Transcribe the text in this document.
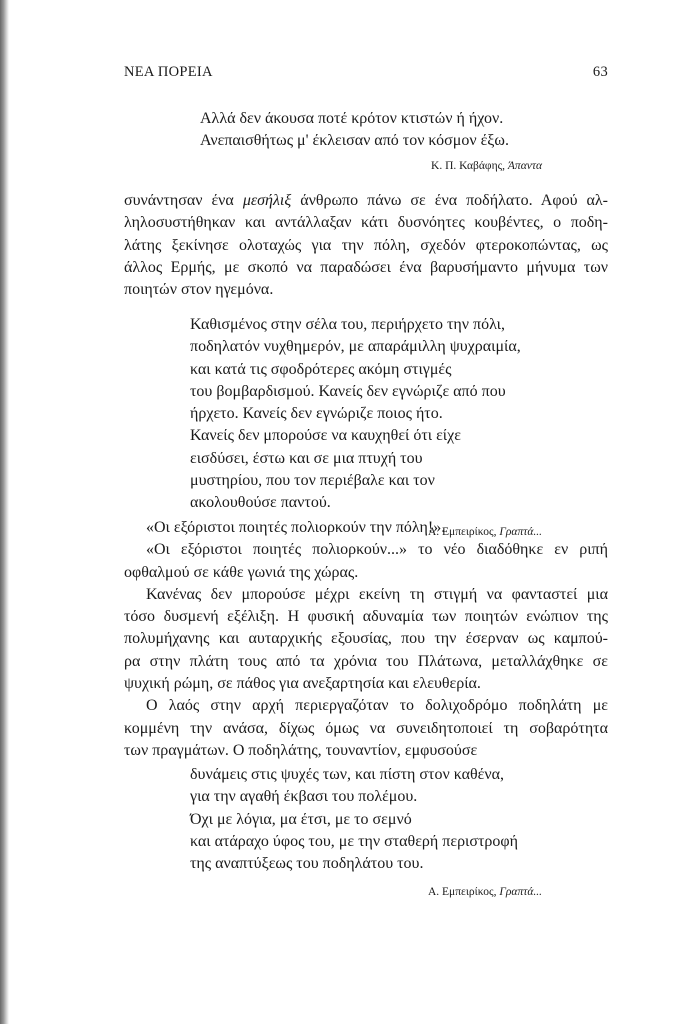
ΝΕΑ ΠΟΡΕΙΑ	63
Αλλά δεν άκουσα ποτέ κρότον κτιστών ή ήχον.
Ανεπαισθήτως μ' έκλεισαν από τον κόσμον έξω.
Κ. Π. Καβάφης, Άπαντα
συνάντησαν ένα μεσήλιξ άνθρωπο πάνω σε ένα ποδήλατο. Αφού αλ-
ληλοσυστήθηκαν και αντάλλαξαν κάτι δυσνόητες κουβέντες, ο ποδη-
λάτης ξεκίνησε ολοταχώς για την πόλη, σχεδόν φτεροκοπώντας, ως
άλλος Ερμής, με σκοπό να παραδώσει ένα βαρυσήμαντο μήνυμα των
ποιητών στον ηγεμόνα.
Καθισμένος στην σέλα του, περιήρχετο την πόλι,
ποδηλατόν νυχθημερόν, με απαράμιλλη ψυχραιμία,
και κατά τις σφοδρότερες ακόμη στιγμές
του βομβαρδισμού. Κανείς δεν εγνώριζε από που
ήρχετο. Κανείς δεν εγνώριζε ποιος ήτο.
Κανείς δεν μπορούσε να καυχηθεί ότι είχε
εισδύσει, έστω και σε μια πτυχή του
μυστηρίου, που τον περιέβαλε και τον
ακολουθούσε παντού.
Α. Εμπειρίκος, Γραπτά...
«Οι εξόριστοι ποιητές πολιορκούν την πόλη!».
«Οι εξόριστοι ποιητές πολιορκούν...» το νέο διαδόθηκε εν ριπή
οφθαλμού σε κάθε γωνιά της χώρας.
Κανένας δεν μπορούσε μέχρι εκείνη τη στιγμή να φανταστεί μια
τόσο δυσμενή εξέλιξη. Η φυσική αδυναμία των ποιητών ενώπιον της
πολυμήχανης και αυταρχικής εξουσίας, που την έσερναν ως καμπού-
ρα στην πλάτη τους από τα χρόνια του Πλάτωνα, μεταλλάχθηκε σε
ψυχική ρώμη, σε πάθος για ανεξαρτησία και ελευθερία.
Ο λαός στην αρχή περιεργαζόταν το δολιχοδρόμο ποδηλάτη με
κομμένη την ανάσα, δίχως όμως να συνειδητοποιεί τη σοβαρότητα
των πραγμάτων. Ο ποδηλάτης, τουναντίον, εμφυσούσε
δυνάμεις στις ψυχές των, και πίστη στον καθένα,
για την αγαθή έκβασι του πολέμου.
Όχι με λόγια, μα έτσι, με το σεμνό
και ατάραχο ύφος του, με την σταθερή περιστροφή
της αναπτύξεως του ποδηλάτου του.
Α. Εμπειρίκος, Γραπτά...
